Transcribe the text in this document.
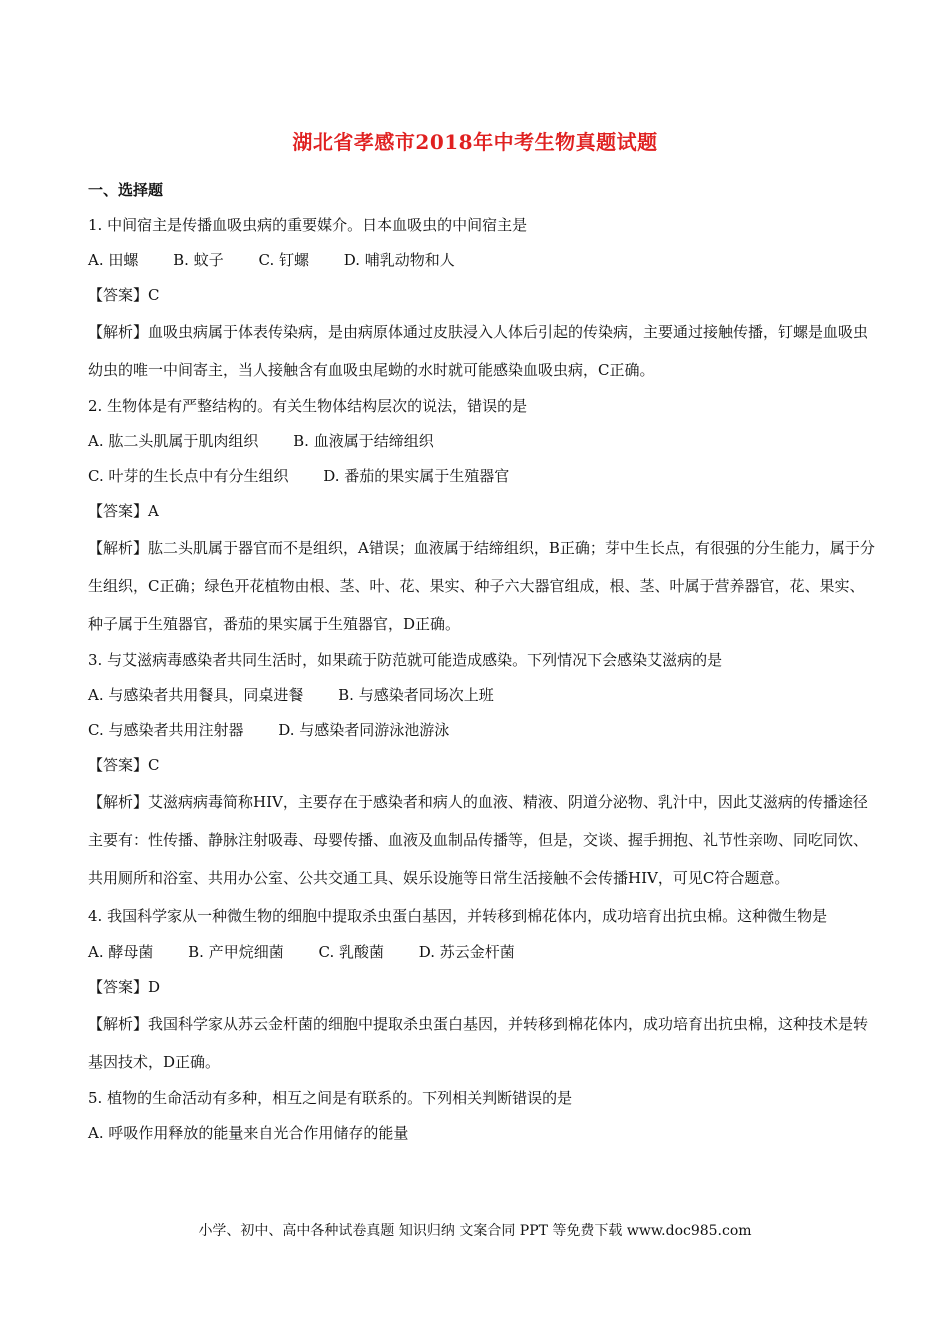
湖北省孝感市2018年中考生物真题试题
一、选择题
1. 中间宿主是传播血吸虫病的重要媒介。日本血吸虫的中间宿主是
A. 田螺 B. 蚊子 C. 钉螺 D. 哺乳动物和人
【答案】C
【解析】血吸虫病属于体表传染病，是由病原体通过皮肤浸入人体后引起的传染病，主要通过接触传播，钉螺是血吸虫幼虫的唯一中间寄主，当人接触含有血吸虫尾蚴的水时就可能感染血吸虫病，C正确。
2. 生物体是有严整结构的。有关生物体结构层次的说法，错误的是
A. 肱二头肌属于肌肉组织 B. 血液属于结缔组织
C. 叶芽的生长点中有分生组织 D. 番茄的果实属于生殖器官
【答案】A
【解析】肱二头肌属于器官而不是组织，A错误；血液属于结缔组织，B正确；芽中生长点，有很强的分生能力，属于分生组织，C正确；绿色开花植物由根、茎、叶、花、果实、种子六大器官组成，根、茎、叶属于营养器官，花、果实、种子属于生殖器官，番茄的果实属于生殖器官，D正确。
3. 与艾滋病毒感染者共同生活时，如果疏于防范就可能造成感染。下列情况下会感染艾滋病的是
A. 与感染者共用餐具，同桌进餐 B. 与感染者同场次上班
C. 与感染者共用注射器 D. 与感染者同游泳池游泳
【答案】C
【解析】艾滋病病毒简称HIV，主要存在于感染者和病人的血液、精液、阴道分泌物、乳汁中，因此艾滋病的传播途径主要有：性传播、静脉注射吸毒、母婴传播、血液及血制品传播等，但是，交谈、握手拥抱、礼节性亲吻、同吃同饮、共用厕所和浴室、共用办公室、公共交通工具、娱乐设施等日常生活接触不会传播HIV，可见C符合题意。
4. 我国科学家从一种微生物的细胞中提取杀虫蛋白基因，并转移到棉花体内，成功培育出抗虫棉。这种微生物是
A. 酵母菌 B. 产甲烷细菌 C. 乳酸菌 D. 苏云金杆菌
【答案】D
【解析】我国科学家从苏云金杆菌的细胞中提取杀虫蛋白基因，并转移到棉花体内，成功培育出抗虫棉，这种技术是转基因技术，D正确。
5. 植物的生命活动有多种，相互之间是有联系的。下列相关判断错误的是
A. 呼吸作用释放的能量来自光合作用储存的能量
小学、初中、高中各种试卷真题 知识归纳 文案合同 PPT 等免费下载 www.doc985.com
